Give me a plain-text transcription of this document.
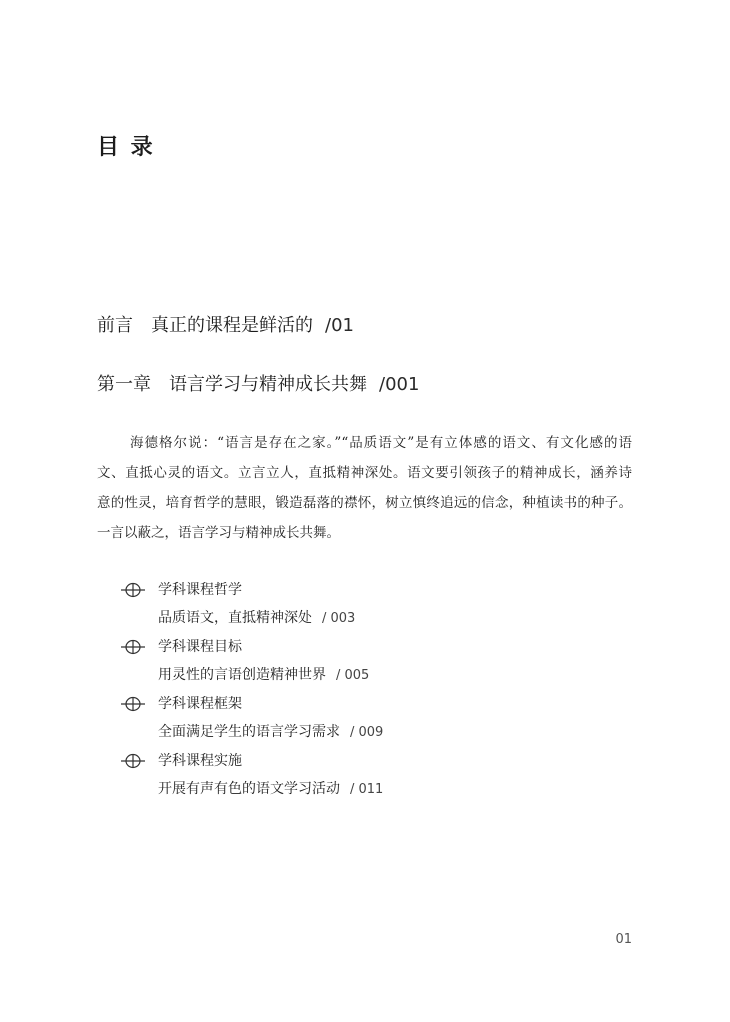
目 录
前言 真正的课程是鲜活的 /01
第一章 语言学习与精神成长共舞 /001
海德格尔说：“语言是存在之家。”“品质语文”是有立体感的语文、有文化感的语
文、直抵心灵的语文。立言立人，直抵精神深处。语文要引领孩子的精神成长，涵养诗
意的性灵，培育哲学的慧眼，锻造磊落的襟怀，树立慎终追远的信念，种植读书的种子。
一言以蔽之，语言学习与精神成长共舞。
学科课程哲学
品质语文，直抵精神深处 / 003
学科课程目标
用灵性的言语创造精神世界 / 005
学科课程框架
全面满足学生的语言学习需求 / 009
学科课程实施
开展有声有色的语文学习活动 / 011
01
